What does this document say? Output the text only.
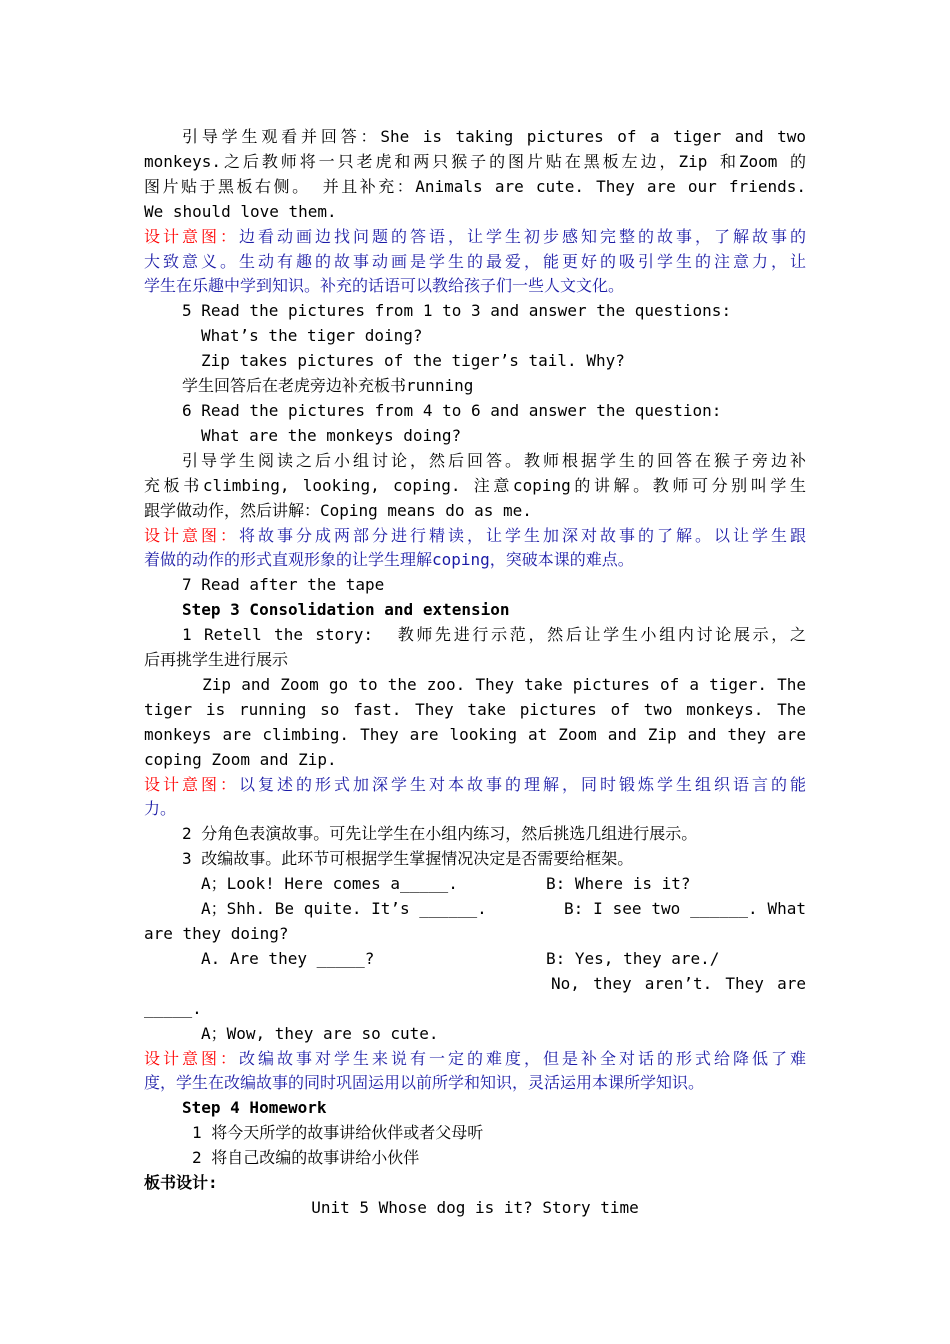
引导学生观看并回答：She is taking pictures of a tiger and two
monkeys.之后教师将一只老虎和两只猴子的图片贴在黑板左边，Zip 和Zoom 的
图片贴于黑板右侧。 并且补充：Animals are cute. They are our friends.
We should love them.
设计意图：边看动画边找问题的答语，让学生初步感知完整的故事，了解故事的
大致意义。生动有趣的故事动画是学生的最爱，能更好的吸引学生的注意力，让
学生在乐趣中学到知识。补充的话语可以教给孩子们一些人文文化。
5 Read the pictures from 1 to 3 and answer the questions:
What’s the tiger doing?
Zip takes pictures of the tiger’s tail. Why?
学生回答后在老虎旁边补充板书running
6 Read the pictures from 4 to 6 and answer the question:
What are the monkeys doing?
引导学生阅读之后小组讨论，然后回答。教师根据学生的回答在猴子旁边补
充板书climbing, looking, coping. 注意coping的讲解。教师可分别叫学生
跟学做动作，然后讲解：Coping means do as me.
设计意图：将故事分成两部分进行精读，让学生加深对故事的了解。以让学生跟
着做的动作的形式直观形象的让学生理解coping，突破本课的难点。
7 Read after the tape
Step 3 Consolidation and extension
1 Retell the story:  教师先进行示范，然后让学生小组内讨论展示，之
后再挑学生进行展示
Zip and Zoom go to the zoo. They take pictures of a tiger. The
tiger is running so fast. They take pictures of two monkeys. The
monkeys are climbing. They are looking at Zoom and Zip and they are
coping Zoom and Zip.
设计意图：以复述的形式加深学生对本故事的理解，同时锻炼学生组织语言的能
力。
2 分角色表演故事。可先让学生在小组内练习，然后挑选几组进行展示。
3 改编故事。此环节可根据学生掌握情况决定是否需要给框架。
A；Look! Here comes a_____.	B: Where is it?
A；Shh. Be quite. It’s ______.	B: I see two ______. What
are they doing?
A. Are they _____?	B: Yes, they are./
No, they aren’t. They are
_____.
A；Wow, they are so cute.
设计意图：改编故事对学生来说有一定的难度，但是补全对话的形式给降低了难
度，学生在改编故事的同时巩固运用以前所学和知识，灵活运用本课所学知识。
Step 4 Homework
1 将今天所学的故事讲给伙伴或者父母听
2 将自己改编的故事讲给小伙伴
板书设计:
Unit 5 Whose dog is it? Story time
